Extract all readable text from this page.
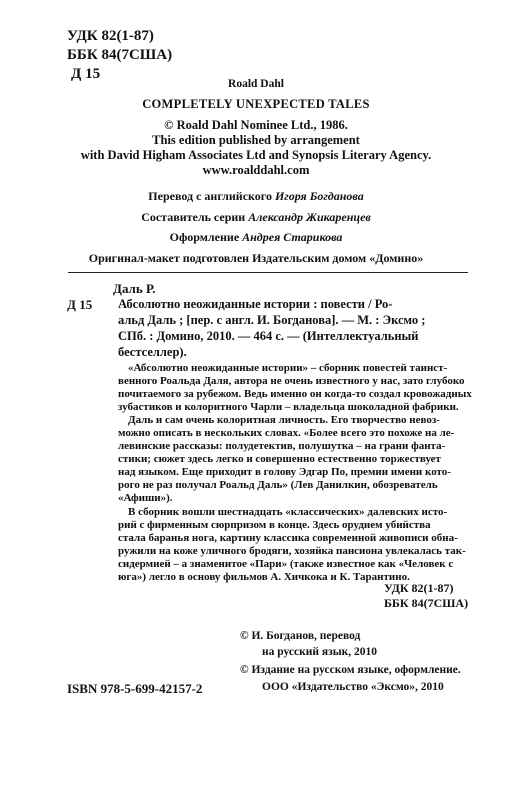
УДК 82(1-87)
ББК 84(7США)
Д 15
Roald Dahl
COMPLETELY UNEXPECTED TALES
© Roald Dahl Nominee Ltd., 1986.
This edition published by arrangement
with David Higham Associates Ltd and Synopsis Literary Agency.
www.roalddahl.com
Перевод с английского Игоря Богданова
Составитель серии Александр Жикаренцев
Оформление Андрея Старикова
Оригинал-макет подготовлен Издательским домом «Домино»
Даль Р.
Д 15 Абсолютно неожиданные истории : повести / Ро-
альд Даль ; [пер. с англ. И. Богданова]. — М. : Эксмо ;
СПб. : Домино, 2010. — 464 с. — (Интеллектуальный
бестселлер).
«Абсолютно неожиданные истории» – сборник повестей таинст-
венного Роальда Даля, автора не очень известного у нас, зато глубоко
почитаемого за рубежом. Ведь именно он когда-то создал кровожадных
зубастиков и колоритного Чарли – владельца шоколадной фабрики.
Даль и сам очень колоритная личность. Его творчество невоз-
можно описать в нескольких словах. «Более всего это похоже на ле-
левинские рассказы: полудетектив, полушутка – на грани фанта-
стики; сюжет здесь легко и совершенно естественно торжествует
над языком. Еще приходит в голову Эдгар По, премии имени кото-
рого не раз получал Роальд Даль» (Лев Данилкин, обозреватель
«Афиши»).
В сборник вошли шестнадцать «классических» далевских исто-
рий с фирменным сюрпризом в конце. Здесь орудием убийства
стала баранья нога, картину классика современной живописи обна-
ружили на коже уличного бродяги, хозяйка пансиона увлекалась так-
сидермией – а знаменитое «Пари» (также известное как «Человек с
юга») легло в основу фильмов А. Хичкока и К. Тарантино.
УДК 82(1-87)
ББК 84(7США)
© И. Богданов, перевод
на русский язык, 2010
© Издание на русском языке, оформление.
ООО «Издательство «Эксмо», 2010
ISBN 978-5-699-42157-2
